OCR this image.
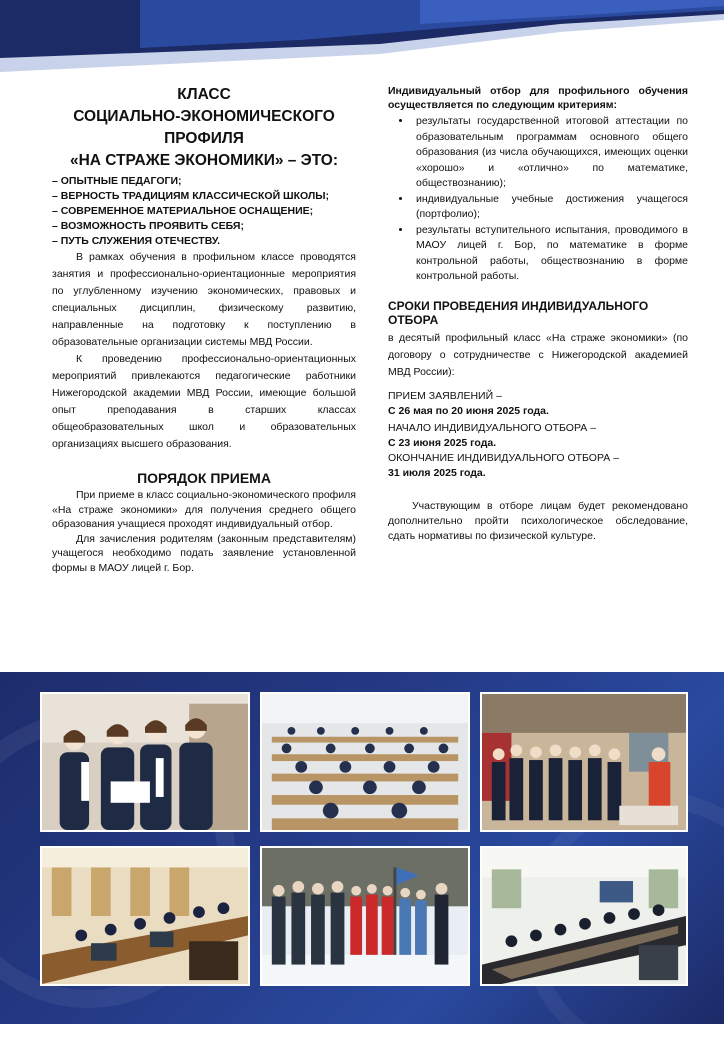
КЛАСС
СОЦИАЛЬНО-ЭКОНОМИЧЕСКОГО
ПРОФИЛЯ
«НА СТРАЖЕ ЭКОНОМИКИ» – ЭТО:
– ОПЫТНЫЕ ПЕДАГОГИ;
– ВЕРНОСТЬ ТРАДИЦИЯМ КЛАССИЧЕСКОЙ ШКОЛЫ;
– СОВРЕМЕННОЕ МАТЕРИАЛЬНОЕ ОСНАЩЕНИЕ;
– ВОЗМОЖНОСТЬ ПРОЯВИТЬ СЕБЯ;
– ПУТЬ СЛУЖЕНИЯ ОТЕЧЕСТВУ.

В рамках обучения в профильном классе проводятся занятия и профессионально-ориентационные мероприятия по углубленному изучению экономических, правовых и специальных дисциплин, физическому развитию, направленные на подготовку к поступлению в образовательные организации системы МВД России.

К проведению профессионально-ориентационных мероприятий привлекаются педагогические работники Нижегородской академии МВД России, имеющие большой опыт преподавания в старших классах общеобразовательных школ и образовательных организациях высшего образования.

ПОРЯДОК ПРИЕМА

При приеме в класс социально-экономического профиля «На страже экономики» для получения среднего общего образования учащиеся проходят индивидуальный отбор.

Для зачисления родителям (законным представителям) учащегося необходимо подать заявление установленной формы в МАОУ лицей г. Бор.

Индивидуальный отбор для профильного обучения осуществляется по следующим критериям:
• результаты государственной итоговой аттестации по образовательным программам основного общего образования (из числа обучающихся, имеющих оценки «хорошо» и «отлично» по математике, обществознанию);
• индивидуальные учебные достижения учащегося (портфолио);
• результаты вступительного испытания, проводимого в МАОУ лицей г. Бор, по математике в форме контрольной работы, обществознанию в форме контрольной работы.
СРОКИ ПРОВЕДЕНИЯ ИНДИВИДУАЛЬНОГО ОТБОРА
в десятый профильный класс «На страже экономики» (по договору о сотрудничестве с Нижегородской академией МВД России):
ПРИЕМ ЗАЯВЛЕНИЙ –
С 26 мая по 20 июня 2025 года.
НАЧАЛО ИНДИВИДУАЛЬНОГО ОТБОРА –
С 23 июня 2025 года.
ОКОНЧАНИЕ ИНДИВИДУАЛЬНОГО ОТБОРА –
31 июля 2025 года.
Участвующим в отборе лицам будет рекомендовано дополнительно пройти психологическое обследование, сдать нормативы по физической культуре.
